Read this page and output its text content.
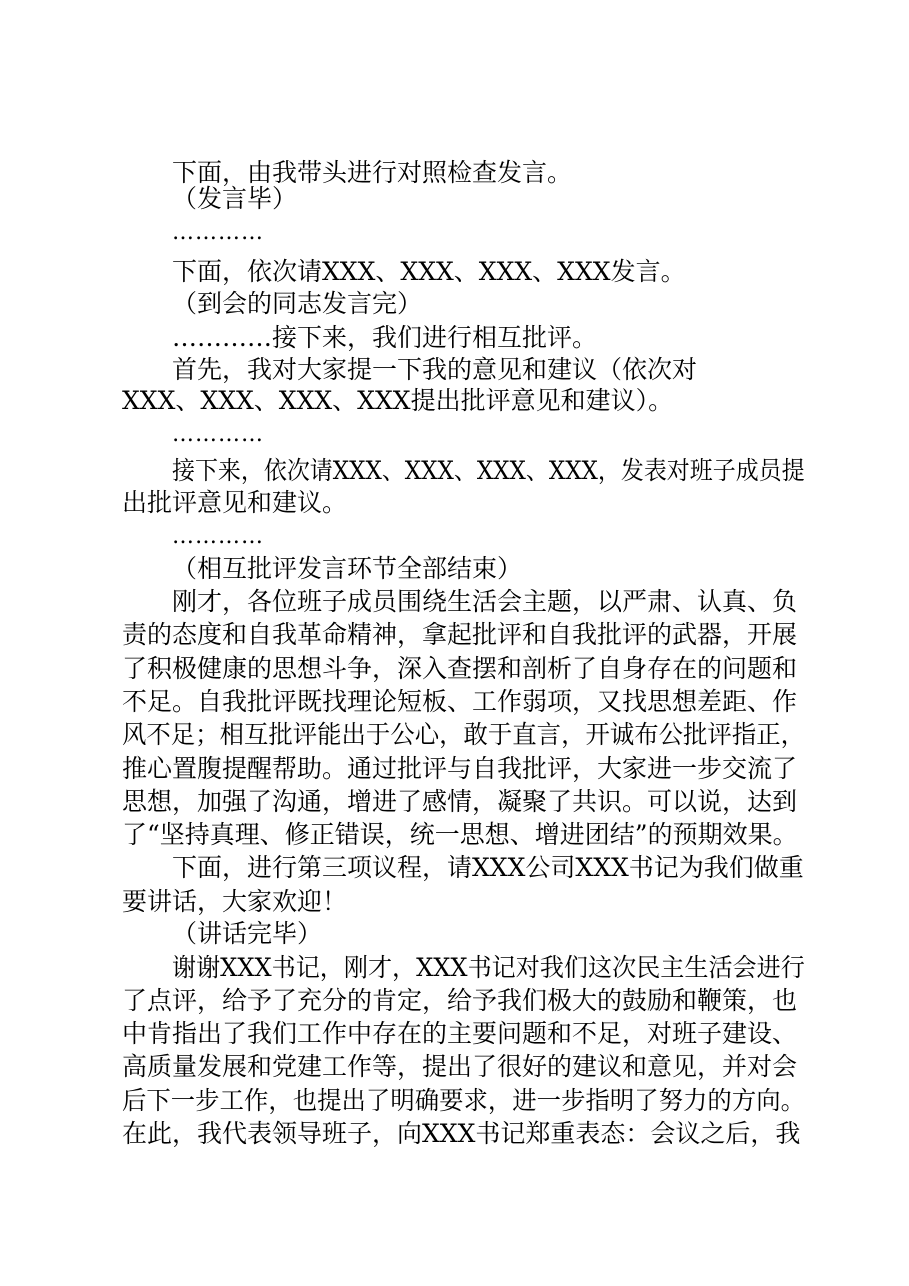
下面，由我带头进行对照检查发言。
（发言毕）
…………
下面，依次请XXX、XXX、XXX、XXX发言。
（到会的同志发言完）
…………接下来，我们进行相互批评。
首先，我对大家提一下我的意见和建议（依次对
XXX、XXX、XXX、XXX提出批评意见和建议）。
…………
接下来，依次请XXX、XXX、XXX、XXX，发表对班子成员提
出批评意见和建议。
…………
（相互批评发言环节全部结束）
刚才，各位班子成员围绕生活会主题，以严肃、认真、负
责的态度和自我革命精神，拿起批评和自我批评的武器，开展
了积极健康的思想斗争，深入查摆和剖析了自身存在的问题和
不足。自我批评既找理论短板、工作弱项，又找思想差距、作
风不足；相互批评能出于公心，敢于直言，开诚布公批评指正，
推心置腹提醒帮助。通过批评与自我批评，大家进一步交流了
思想，加强了沟通，增进了感情，凝聚了共识。可以说，达到
了“坚持真理、修正错误，统一思想、增进团结”的预期效果。
下面，进行第三项议程，请XXX公司XXX书记为我们做重
要讲话，大家欢迎！
（讲话完毕）
谢谢XXX书记，刚才，XXX书记对我们这次民主生活会进行
了点评，给予了充分的肯定，给予我们极大的鼓励和鞭策，也
中肯指出了我们工作中存在的主要问题和不足，对班子建设、
高质量发展和党建工作等，提出了很好的建议和意见，并对会
后下一步工作，也提出了明确要求，进一步指明了努力的方向。
在此，我代表领导班子，向XXX书记郑重表态：会议之后，我
